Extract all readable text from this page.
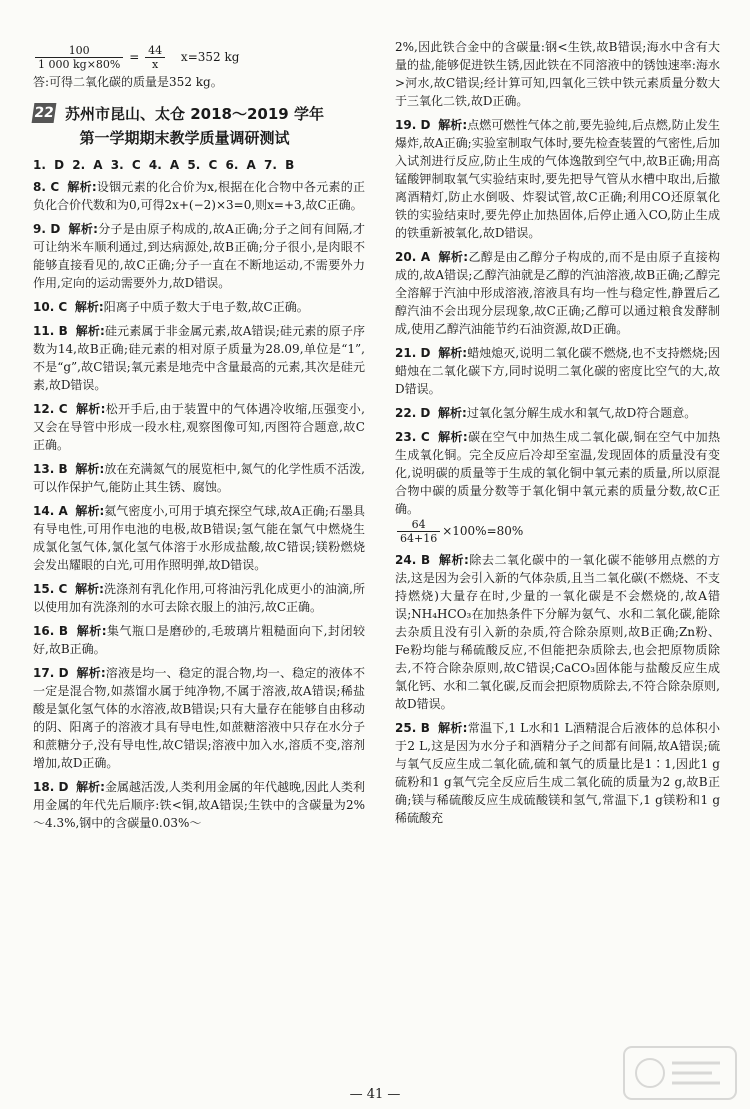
$\frac{100}{1 000 kg\times 80\%} = \frac{44}{x} x=352$ kg

答:可得二氧化碳的质量是352 kg。

22 苏州市昆山、太仓 2018～2019 学年
第一学期期末教学质量调研测试

1. D 2. A 3. C 4. A 5. C 6. A 7. B

8. C 解析:设铟元素的化合价为x,根据在化合物中各元素的正负化合价代数和为0,可得2x+(−2)×3=0,则x=+3,故C正确。

9. D 解析:分子是由原子构成的,故A正确;分子之间有间隔,才可让纳米车顺利通过,到达病源处,故B正确;分子很小,是肉眼不能够直接看见的,故C正确;分子一直在不断地运动,不需要外力作用,定向的运动需要外力,故D错误。

10. C 解析:阳离子中质子数大于电子数,故C正确。

11. B 解析:硅元素属于非金属元素,故A错误;硅元素的原子序数为14,故B正确;硅元素的相对原子质量为28.09,单位是“1”,不是“g”,故C错误;氧元素是地壳中含量最高的元素,其次是硅元素,故D错误。

12. C 解析:松开手后,由于装置中的气体遇冷收缩,压强变小,又会在导管中形成一段水柱,观察图像可知,丙图符合题意,故C正确。

13. B 解析:放在充满氮气的展览柜中,氮气的化学性质不活泼,可以作保护气,能防止其生锈、腐蚀。

14. A 解析:氦气密度小,可用于填充探空气球,故A正确;石墨具有导电性,可用作电池的电极,故B错误;氢气能在氯气中燃烧生成氯化氢气体,氯化氢气体溶于水形成盐酸,故C错误;镁粉燃烧会发出耀眼的白光,可用作照明弹,故D错误。

15. C 解析:洗涤剂有乳化作用,可将油污乳化成更小的油滴,所以使用加有洗涤剂的水可去除衣服上的油污,故C正确。

16. B 解析:集气瓶口是磨砂的,毛玻璃片粗糙面向下,封闭较好,故B正确。

17. D 解析:溶液是均一、稳定的混合物,均一、稳定的液体不一定是混合物,如蒸馏水属于纯净物,不属于溶液,故A错误;稀盐酸是氯化氢气体的水溶液,故B错误;只有大量存在能够自由移动的阴、阳离子的溶液才具有导电性,如蔗糖溶液中只存在水分子和蔗糖分子,没有导电性,故C错误;溶液中加入水,溶质不变,溶剂增加,故D正确。

18. D 解析:金属越活泼,人类利用金属的年代越晚,因此人类利用金属的年代先后顺序:铁<铜,故A错误;生铁中的含碳量为2%～4.3%,钢中的含碳量0.03%～

2%,因此铁合金中的含碳量:钢<生铁,故B错误;海水中含有大量的盐,能够促进铁生锈,因此铁在不同溶液中的锈蚀速率:海水>河水,故C错误;经计算可知,四氧化三铁中铁元素质量分数大于三氧化二铁,故D正确。

19. D 解析:点燃可燃性气体之前,要先验纯,后点燃,防止发生爆炸,故A正确;实验室制取气体时,要先检查装置的气密性,后加入试剂进行反应,防止生成的气体逸散到空气中,故B正确;用高锰酸钾制取氧气实验结束时,要先把导气管从水槽中取出,后撤离酒精灯,防止水倒吸、炸裂试管,故C正确;利用CO还原氧化铁的实验结束时,要先停止加热固体,后停止通入CO,防止生成的铁重新被氧化,故D错误。

20. A 解析:乙醇是由乙醇分子构成的,而不是由原子直接构成的,故A错误;乙醇汽油就是乙醇的汽油溶液,故B正确;乙醇完全溶解于汽油中形成溶液,溶液具有均一性与稳定性,静置后乙醇汽油不会出现分层现象,故C正确;乙醇可以通过粮食发酵制成,使用乙醇汽油能节约石油资源,故D正确。

21. D 解析:蜡烛熄灭,说明二氧化碳不燃烧,也不支持燃烧;因蜡烛在二氧化碳下方,同时说明二氧化碳的密度比空气的大,故D错误。

22. D 解析:过氧化氢分解生成水和氧气,故D符合题意。

23. C 解析:碳在空气中加热生成二氧化碳,铜在空气中加热生成氧化铜。完全反应后冷却至室温,发现固体的质量没有变化,说明碳的质量等于生成的氧化铜中氧元素的质量,所以原混合物中碳的质量分数等于氧化铜中氧元素的质量分数,故C正确。

$\frac{64}{64+16} \times 100\%=80\%$

24. B 解析:除去二氧化碳中的一氧化碳不能够用点燃的方法,这是因为会引入新的气体杂质,且当二氧化碳(不燃烧、不支持燃烧)大量存在时,少量的一氧化碳是不会燃烧的,故A错误;NH₄HCO₃在加热条件下分解为氨气、水和二氧化碳,能除去杂质且没有引入新的杂质,符合除杂原则,故B正确;Zn粉、Fe粉均能与稀硫酸反应,不但能把杂质除去,也会把原物质除去,不符合除杂原则,故C错误;CaCO₃固体能与盐酸反应生成氯化钙、水和二氧化碳,反而会把原物质除去,不符合除杂原则,故D错误。

25. B 解析:常温下,1 L水和1 L酒精混合后液体的总体积小于2 L,这是因为水分子和酒精分子之间都有间隔,故A错误;硫与氧气反应生成二氧化硫,硫和氧气的质量比是1∶1,因此1 g硫粉和1 g氧气完全反应后生成二氧化硫的质量为2 g,故B正确;镁与稀硫酸反应生成硫酸镁和氢气,常温下,1 g镁粉和1 g稀硫酸充

— 41 —
